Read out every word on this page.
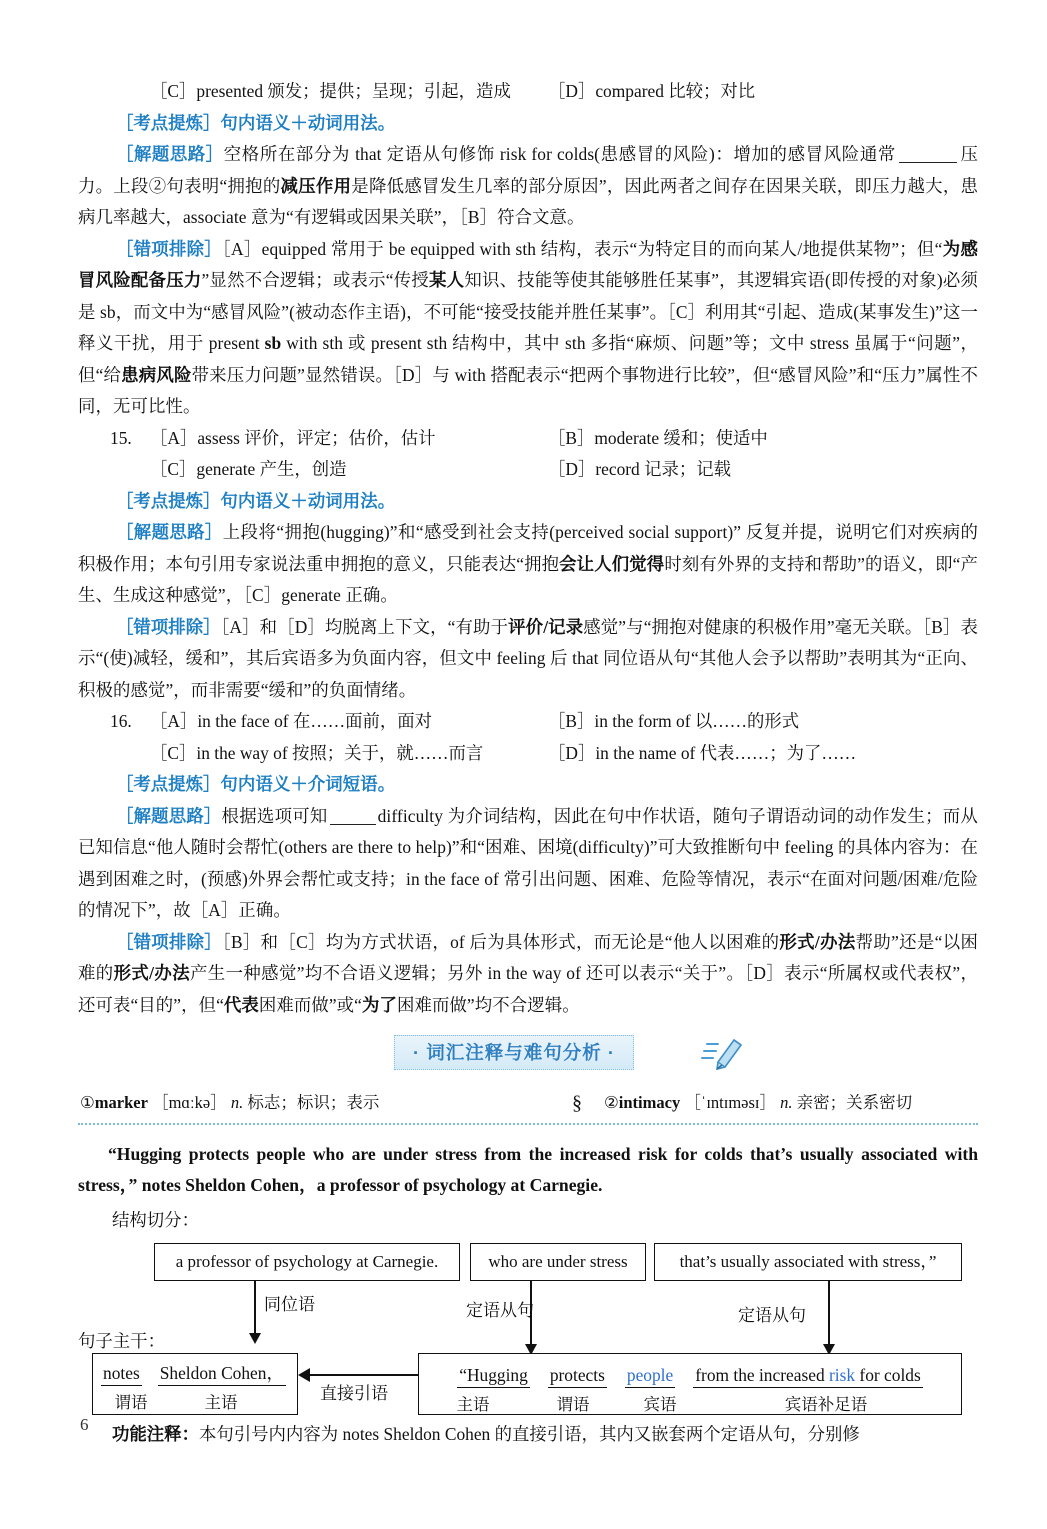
［C］presented 颁发；提供；呈现；引起，造成	［D］compared 比较；对比

［考点提炼］句内语义＋动词用法。

［解题思路］空格所在部分为 that 定语从句修饰 risk for colds(患感冒的风险)：增加的感冒风险通常	压力。上段②句表明“拥抱的减压作用是降低感冒发生几率的部分原因”，因此两者之间存在因果关联，即压力越大，患病几率越大，associate 意为“有逻辑或因果关联”，［B］符合文意。

［错项排除］［A］equipped 常用于 be equipped with sth 结构，表示“为特定目的而向某人/地提供某物”；但“为感冒风险配备压力”显然不合逻辑；或表示“传授某人知识、技能等使其能够胜任某事”，其逻辑宾语(即传授的对象)必须是 sb，而文中为“感冒风险”(被动态作主语)，不可能“接受技能并胜任某事”。［C］利用其“引起、造成(某事发生)”这一释义干扰，用于 present sb with sth 或 present sth 结构中，其中 sth 多指“麻烦、问题”等；文中 stress 虽属于“问题”，但“给患病风险带来压力问题”显然错误。［D］与 with 搭配表示“把两个事物进行比较”，但“感冒风险”和“压力”属性不同，无可比性。

15. ［A］assess 评价，评定；估价，估计	［B］moderate 缓和；使适中
［C］generate 产生，创造	［D］record 记录；记载

［考点提炼］句内语义＋动词用法。

［解题思路］上段将“拥抱(hugging)”和“感受到社会支持(perceived social support)” 反复并提，说明它们对疾病的积极作用；本句引用专家说法重申拥抱的意义，只能表达“拥抱会让人们觉得时刻有外界的支持和帮助”的语义，即“产生、生成这种感觉”，［C］generate 正确。

［错项排除］［A］和［D］均脱离上下文，“有助于评价/记录感觉”与“拥抱对健康的积极作用”毫无关联。［B］表示“(使)减轻，缓和”，其后宾语多为负面内容，但文中 feeling 后 that 同位语从句“其他人会予以帮助”表明其为“正向、积极的感觉”，而非需要“缓和”的负面情绪。

16. ［A］in the face of 在……面前，面对	［B］in the form of 以……的形式
［C］in the way of 按照；关于，就……而言	［D］in the name of 代表……；为了……

［考点提炼］句内语义＋介词短语。

［解题思路］根据选项可知	difficulty 为介词结构，因此在句中作状语，随句子谓语动词的动作发生；而从已知信息“他人随时会帮忙(others are there to help)”和“困难、困境(difficulty)”可大致推断句中 feeling 的具体内容为：在遇到困难之时，(预感)外界会帮忙或支持；in the face of 常引出问题、困难、危险等情况，表示“在面对问题/困难/危险的情况下”，故［A］正确。

［错项排除］［B］和［C］均为方式状语，of 后为具体形式，而无论是“他人以困难的形式/办法帮助”还是“以困难的形式/办法产生一种感觉”均不合语义逻辑；另外 in the way of 还可以表示“关于”。［D］表示“所属权或代表权”，还可表“目的”，但“代表困难而做”或“为了困难而做”均不合逻辑。

· 词汇注释与难句分析 ·
①marker ［mɑːkə］ n. 标志；标识；表示	§	②intimacy ［ˈɪntɪməsɪ］ n. 亲密；关系密切
“Hugging protects people who are under stress from the increased risk for colds that’s usually associated with stress，” notes Sheldon Cohen，a professor of psychology at Carnegie.
结构切分：
a professor of psychology at Carnegie.	who are under stress	that’s usually associated with stress，”
同位语	定语从句	定语从句
句子主干：
notes Sheldon Cohen，
谓语	主语	直接引语
“Hugging protects people from the increased risk for colds
主语	谓语	宾语	宾语补足语
功能注释：本句引号内内容为 notes Sheldon Cohen 的直接引语，其内又嵌套两个定语从句，分别修
6
